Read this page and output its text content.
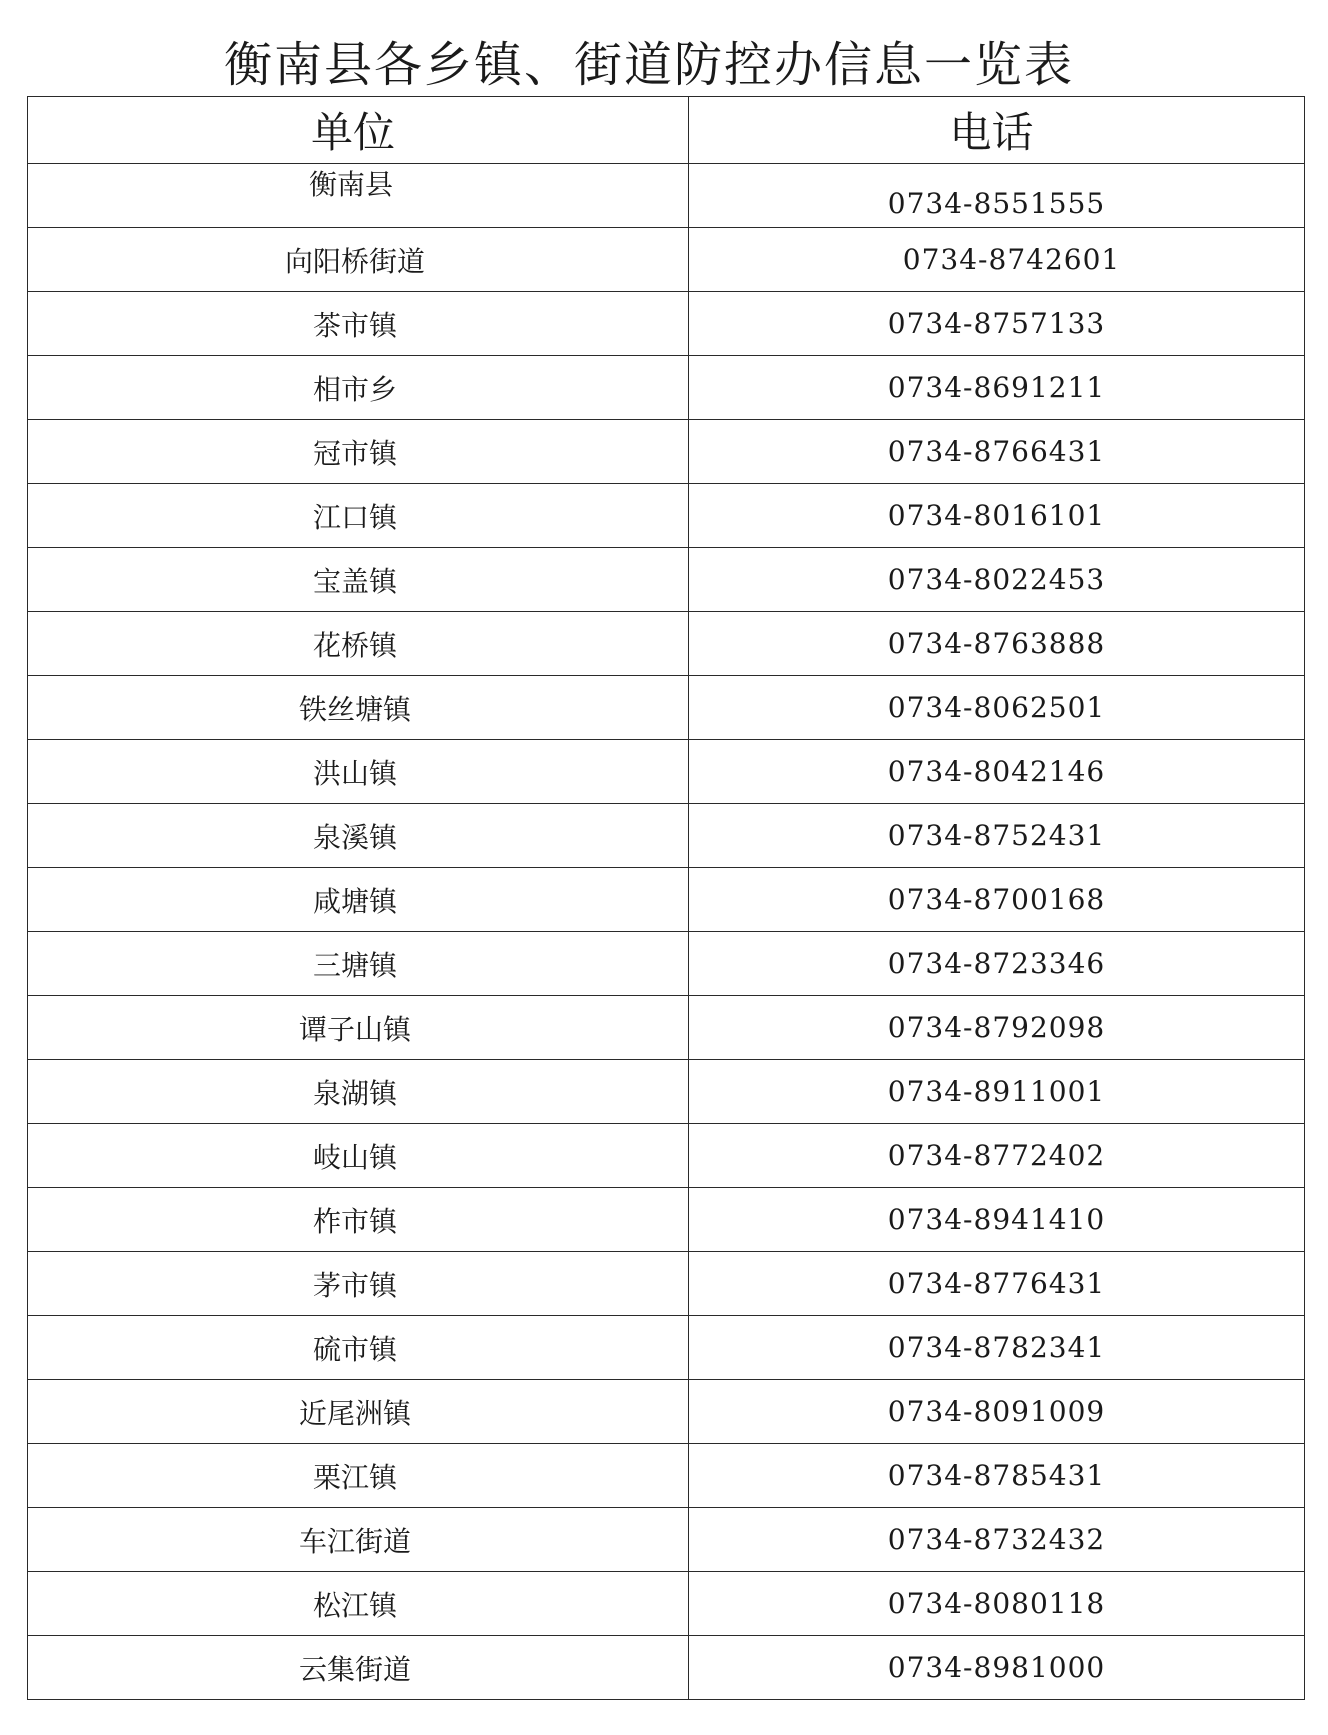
衡南县各乡镇、街道防控办信息一览表
单位	电话
衡南县	0734-8551555
向阳桥街道	0734-8742601
茶市镇	0734-8757133
相市乡	0734-8691211
冠市镇	0734-8766431
江口镇	0734-8016101
宝盖镇	0734-8022453
花桥镇	0734-8763888
铁丝塘镇	0734-8062501
洪山镇	0734-8042146
泉溪镇	0734-8752431
咸塘镇	0734-8700168
三塘镇	0734-8723346
谭子山镇	0734-8792098
泉湖镇	0734-8911001
岐山镇	0734-8772402
柞市镇	0734-8941410
茅市镇	0734-8776431
硫市镇	0734-8782341
近尾洲镇	0734-8091009
栗江镇	0734-8785431
车江街道	0734-8732432
松江镇	0734-8080118
云集街道	0734-8981000
